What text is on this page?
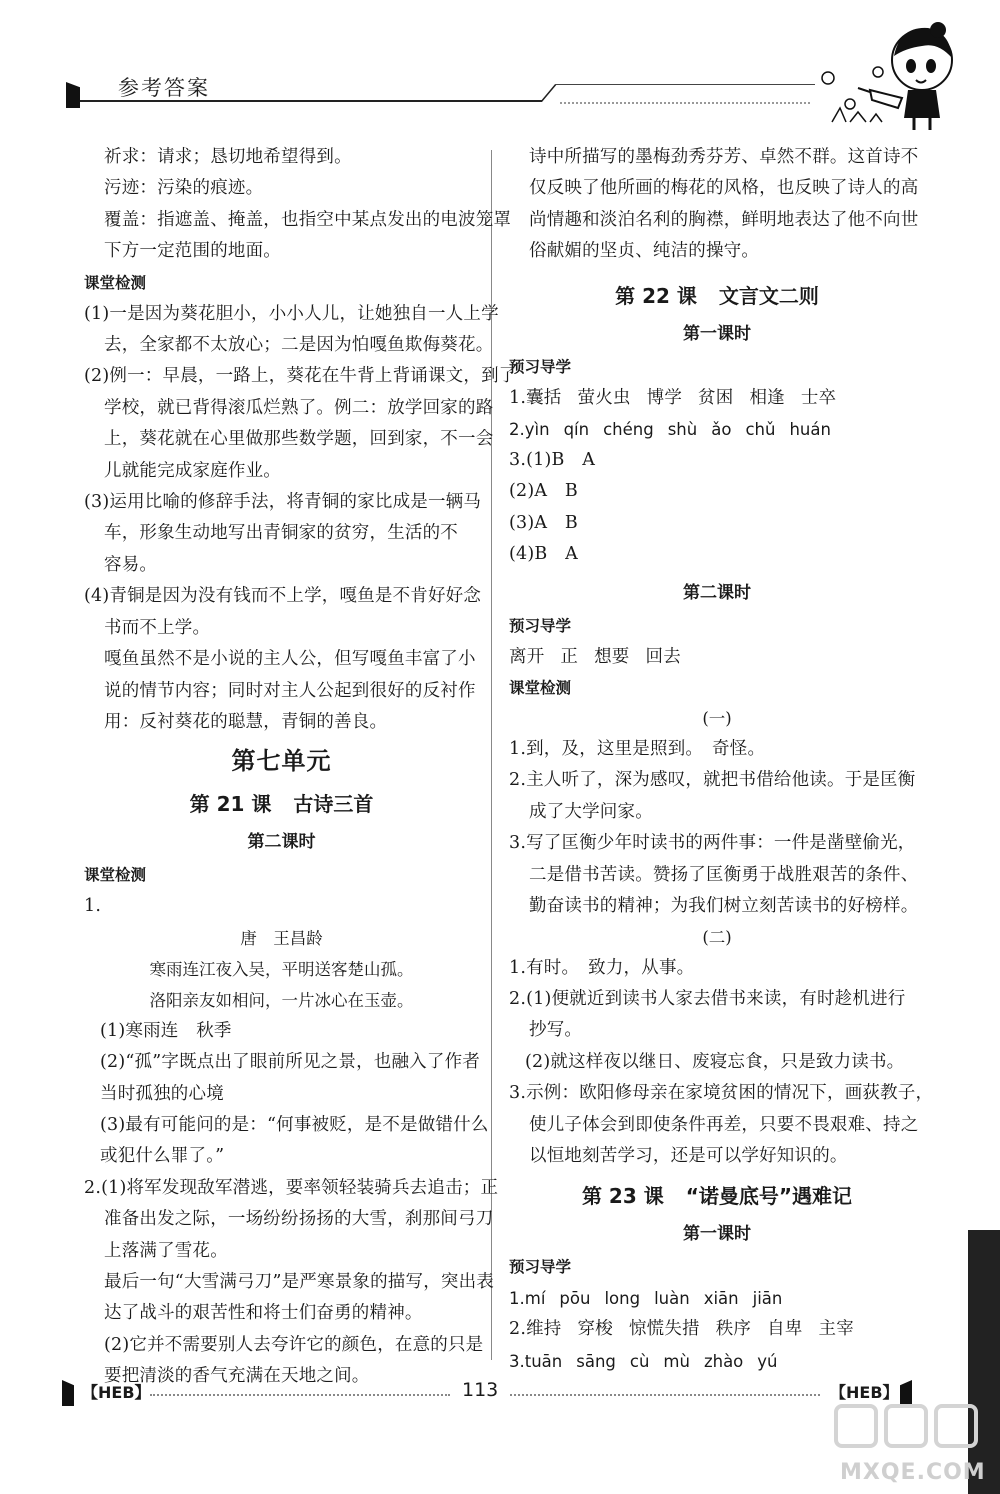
参考答案
祈求：请求；恳切地希望得到。
污迹：污染的痕迹。
覆盖：指遮盖、掩盖，也指空中某点发出的电波笼罩
下方一定范围的地面。
课堂检测
(1)一是因为葵花胆小，小小人儿，让她独自一人上学
去，全家都不太放心；二是因为怕嘎鱼欺侮葵花。
(2)例一：早晨，一路上，葵花在牛背上背诵课文，到了
学校，就已背得滚瓜烂熟了。例二：放学回家的路
上，葵花就在心里做那些数学题，回到家，不一会
儿就能完成家庭作业。
(3)运用比喻的修辞手法，将青铜的家比成是一辆马
车，形象生动地写出青铜家的贫穷，生活的不
容易。
(4)青铜是因为没有钱而不上学，嘎鱼是不肯好好念
书而不上学。
嘎鱼虽然不是小说的主人公，但写嘎鱼丰富了小
说的情节内容；同时对主人公起到很好的反衬作
用：反衬葵花的聪慧，青铜的善良。
第七单元
第 21 课 古诗三首
第二课时
课堂检测
1.
唐　王昌龄
寒雨连江夜入吴，平明送客楚山孤。
洛阳亲友如相问，一片冰心在玉壶。
(1)寒雨连　秋季
(2)“孤”字既点出了眼前所见之景，也融入了作者
当时孤独的心境
(3)最有可能问的是：“何事被贬，是不是做错什么
或犯什么罪了。”
2.(1)将军发现敌军潜逃，要率领轻装骑兵去追击；正
准备出发之际，一场纷纷扬扬的大雪，刹那间弓刀
上落满了雪花。
最后一句“大雪满弓刀”是严寒景象的描写，突出表
达了战斗的艰苦性和将士们奋勇的精神。
(2)它并不需要别人去夸许它的颜色，在意的只是
要把清淡的香气充满在天地之间。
诗中所描写的墨梅劲秀芬芳、卓然不群。这首诗不
仅反映了他所画的梅花的风格，也反映了诗人的高
尚情趣和淡泊名利的胸襟，鲜明地表达了他不向世
俗献媚的坚贞、纯洁的操守。
第 22 课 文言文二则
第一课时
预习导学
1.囊括 萤火虫 博学 贫困 相逢 士卒
2.yìn qín chéng shù ǎo chǔ huán
3.(1)B　A
(2)A　B
(3)A　B
(4)B　A
第二课时
预习导学
离开 正 想要 回去
课堂检测
(一)
1.到，及，这里是照到。　奇怪。
2.主人听了，深为感叹，就把书借给他读。于是匡衡
成了大学问家。
3.写了匡衡少年时读书的两件事：一件是凿壁偷光，
二是借书苦读。赞扬了匡衡勇于战胜艰苦的条件、
勤奋读书的精神；为我们树立刻苦读书的好榜样。
(二)
1.有时。　致力，从事。
2.(1)便就近到读书人家去借书来读，有时趁机进行
抄写。
(2)就这样夜以继日、废寝忘食，只是致力读书。
3.示例：欧阳修母亲在家境贫困的情况下，画荻教子，
使儿子体会到即使条件再差，只要不畏艰难、持之
以恒地刻苦学习，还是可以学好知识的。
第 23 课 “诺曼底号”遇难记
第一课时
预习导学
1.mí pōu long luàn xiān jiān
2.维持 穿梭 惊慌失措 秩序 自卑 主宰
3.tuān sāng cù mù zhào yú
【HEB】	113	【HEB】
MXQE.COM
